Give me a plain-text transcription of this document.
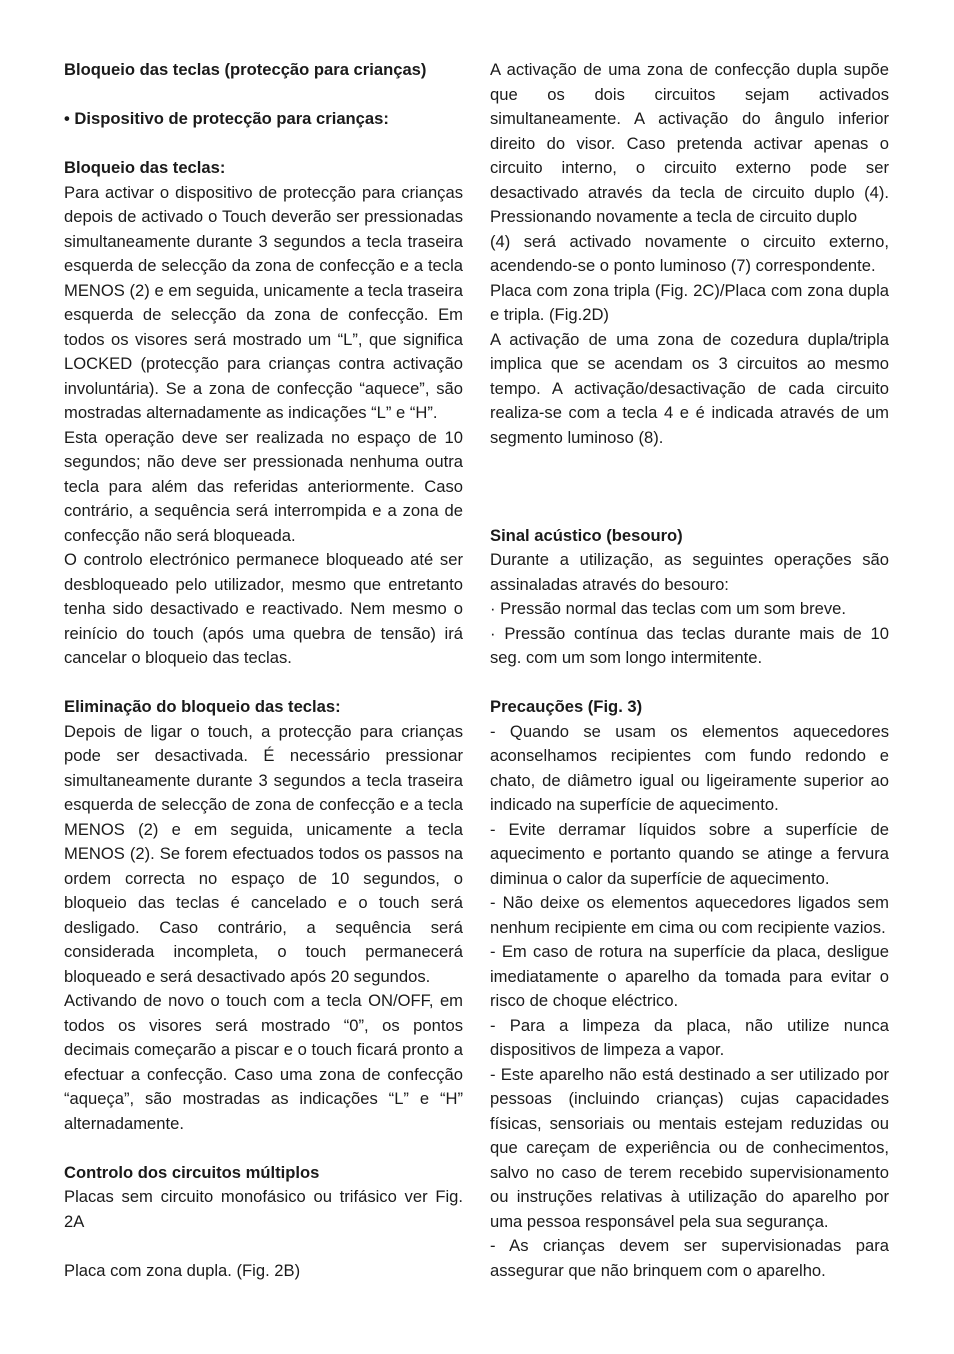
Bloqueio das teclas (protecção para crianças)

• Dispositivo de protecção para crianças:

Bloqueio das teclas:

Para activar o dispositivo de protecção para crianças depois de activado o Touch deverão ser pressionadas simultaneamente durante 3 segundos a tecla traseira esquerda de selecção da zona de confecção e a tecla MENOS (2) e em seguida, unicamente a tecla traseira esquerda de selecção da zona de confecção. Em todos os visores será mostrado um “L”, que significa LOCKED (protecção para crianças contra activação involuntária). Se a zona de confecção “aquece”, são mostradas alternadamente as indicações “L” e “H”.

Esta operação deve ser realizada no espaço de 10 segundos; não deve ser pressionada nenhuma outra tecla para além das referidas anteriormente. Caso contrário, a sequência será interrompida e a zona de confecção não será bloqueada.

O controlo electrónico permanece bloqueado até ser desbloqueado pelo utilizador, mesmo que entretanto tenha sido desactivado e reactivado. Nem mesmo o reinício do touch (após uma quebra de tensão) irá cancelar o bloqueio das teclas.

Eliminação do bloqueio das teclas:

Depois de ligar o touch, a protecção para crianças pode ser desactivada. É necessário pressionar simultaneamente durante 3 segundos a tecla traseira esquerda de selecção de zona de confecção e a tecla MENOS (2) e em seguida, unicamente a tecla MENOS (2). Se forem efectuados todos os passos na ordem correcta no espaço de 10 segundos, o bloqueio das teclas é cancelado e o touch será desligado. Caso contrário, a sequência será considerada incompleta, o touch permanecerá bloqueado e será desactivado após 20 segundos.

Activando de novo o touch com a tecla ON/OFF, em todos os visores será mostrado “0”, os pontos decimais começarão a piscar e o touch ficará pronto a efectuar a confecção. Caso uma zona de confecção “aqueça”, são mostradas as indicações “L” e “H” alternadamente.

Controlo dos circuitos múltiplos

Placas sem circuito monofásico ou trifásico ver Fig. 2A

Placa com zona dupla. (Fig. 2B)

A activação de uma zona de confecção dupla supõe que os dois circuitos sejam activados simultaneamente. A activação do ângulo inferior direito do visor. Caso pretenda activar apenas o circuito interno, o circuito externo pode ser desactivado através da tecla de circuito duplo (4). Pressionando novamente a tecla de circuito duplo

(4) será activado novamente o circuito externo, acendendo-se o ponto luminoso (7) correspondente.

Placa com zona tripla (Fig. 2C)/Placa com zona dupla e tripla. (Fig.2D)

A activação de uma zona de cozedura dupla/tripla implica que se acendam os 3 circuitos ao mesmo tempo. A activação/desactivação de cada circuito realiza-se com a tecla 4 e é indicada através de um segmento luminoso (8).

Sinal acústico (besouro)

Durante a utilização, as seguintes operações são assinaladas através do besouro:

· Pressão normal das teclas com um som breve.

· Pressão contínua das teclas durante mais de 10 seg. com um som longo intermitente.

Precauções (Fig. 3)

- Quando se usam os elementos aquecedores aconselhamos recipientes com fundo redondo e chato, de diâmetro igual ou ligeiramente superior ao indicado na superfície de aquecimento.

- Evite derramar líquidos sobre a superfície de aquecimento e portanto quando se atinge a fervura diminua o calor da superfície de aquecimento.

- Não deixe os elementos aquecedores ligados sem nenhum recipiente em cima ou com recipiente vazios.

- Em caso de rotura na superfície da placa, desligue imediatamente o aparelho da tomada para evitar o risco de choque eléctrico.

- Para a limpeza da placa, não utilize nunca dispositivos de limpeza a vapor.

- Este aparelho não está destinado a ser utilizado por pessoas (incluindo crianças) cujas capacidades físicas, sensoriais ou mentais estejam reduzidas ou que careçam de experiência ou de conhecimentos, salvo no caso de terem recebido supervisionamento ou instruções relativas à utilização do aparelho por uma pessoa responsável pela sua segurança.

- As crianças devem ser supervisionadas para assegurar que não brinquem com o aparelho.
